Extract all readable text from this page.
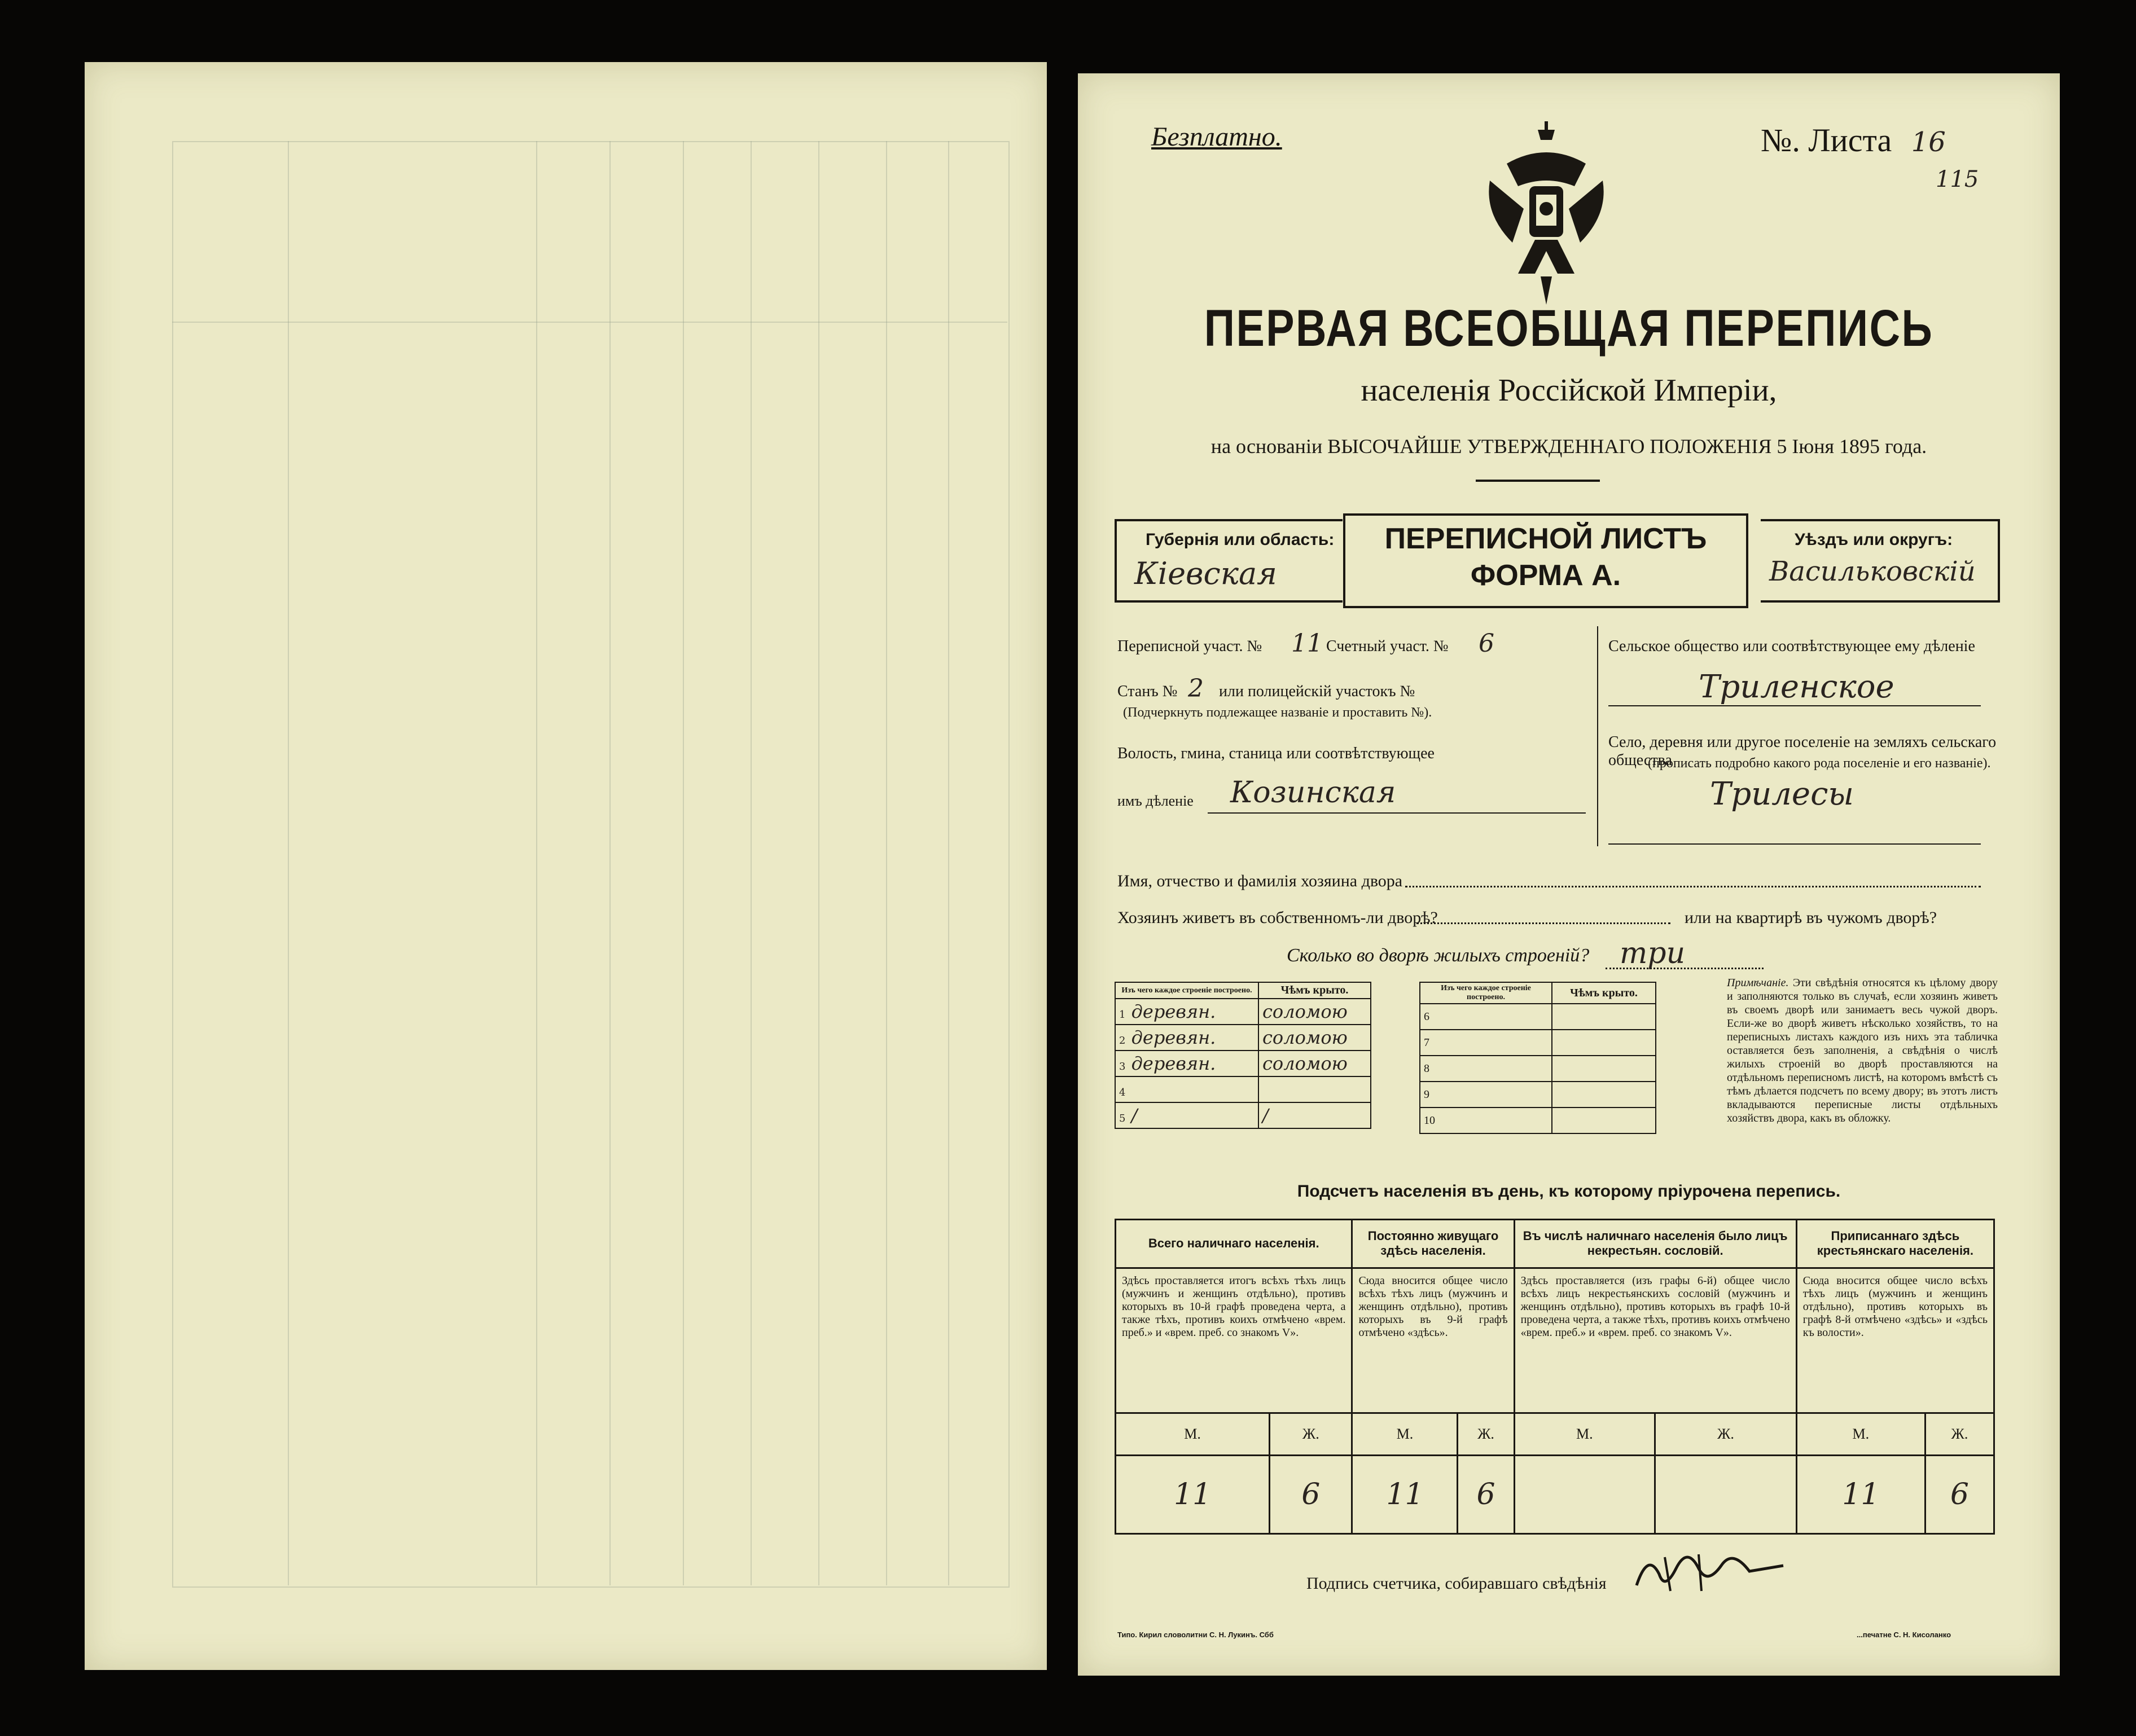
Безплатно.	№. Листа 16
115
ПЕРВАЯ ВСЕОБЩАЯ ПЕРЕПИСЬ
населенія Россійской Имперіи,
на основаніи ВЫСОЧАЙШЕ УТВЕРЖДЕННАГО ПОЛОЖЕНІЯ 5 Іюня 1895 года.
Губернія или область:
Кіевская
ПЕРЕПИСНОЙ ЛИСТЪ
ФОРМА А.
Уѣздъ или округъ:
Васильковскій
Переписной участ. № 11 Счетный участ. № 6
Станъ № 2 или полицейскій участокъ №
(Подчеркнуть подлежащее названіе и проставить №).
Волость, гмина, станица или соотвѣтствующее
имъ дѣленіе Козинская
Сельское общество или соотвѣтствующее ему дѣленіе
Триленское
Село, деревня или другое поселеніе на земляхъ сельскаго общества
(прописать подробно какого рода поселеніе и его названіе).
Трилесы
Имя, отчество и фамилія хозяина двора
Хозяинъ живетъ въ собственномъ-ли дворѣ?	или на квартирѣ въ чужомъ дворѣ?
Сколько во дворѣ жилыхъ строеній? три
Изъ чего каждое строеніе построено.	Чѣмъ крыто.
1 деревян.	соломою
2 деревян.	соломою
3 деревян.	соломою
4	
5 /	/
Изъ чего каждое строеніе построено.	Чѣмъ крыто.
6	
7	
8	
9	
10	
Примѣчаніе. Эти свѣдѣнія относятся къ цѣлому двору и заполняются только въ случаѣ, если хозяинъ живетъ въ своемъ дворѣ или занимаетъ весь чужой дворъ. Если-же во дворѣ живетъ нѣсколько хозяйствъ, то на переписныхъ листахъ каждого изъ нихъ эта табличка оставляется безъ заполненія, а свѣдѣнія о числѣ жилыхъ строеній во дворѣ проставляются на отдѣльномъ переписномъ листѣ, на которомъ вмѣстѣ съ тѣмъ дѣлается подсчетъ по всему двору; въ этотъ листъ вкладываются переписные листы отдѣльныхъ хозяйствъ двора, какъ въ обложку.
Подсчетъ населенія въ день, къ которому пріурочена перепись.
Всего наличнаго населенія.		Постоянно живущаго здѣсь населенія.		Въ числѣ наличнаго населенія было лицъ некрестьян. сословій.		Приписаннаго здѣсь крестьянскаго населенія.	
Здѣсь проставляется итогъ всѣхъ тѣхъ лицъ (мужчинъ и женщинъ отдѣльно), противъ которыхъ въ 10-й графѣ проведена черта, а также тѣхъ, противъ коихъ отмѣчено «врем. преб.» и «врем. преб. со знакомъ V».		Сюда вносится общее число всѣхъ тѣхъ лицъ (мужчинъ и женщинъ отдѣльно), противъ которыхъ въ 9-й графѣ отмѣчено «здѣсь».		Здѣсь проставляется (изъ графы 6-й) общее число всѣхъ лицъ некрестьянскихъ сословій (мужчинъ и женщинъ отдѣльно), противъ которыхъ въ графѣ 10-й проведена черта, а также тѣхъ, противъ коихъ отмѣчено «врем. преб.» и «врем. преб. со знакомъ V».		Сюда вносится общее число всѣхъ тѣхъ лицъ (мужчинъ и женщинъ отдѣльно), противъ которыхъ въ графѣ 8-й отмѣчено «здѣсь» и «здѣсь къ волости».	
М.	Ж.	М.	Ж.	М.	Ж.	М.	Ж.
11	6	11	6			11	6
Подпись счетчика, собиравшаго свѣдѣнія
Типо. Кирил словолитни С. Н. Лукинъ. Сбб	...печатне С. Н. Кисоланко
